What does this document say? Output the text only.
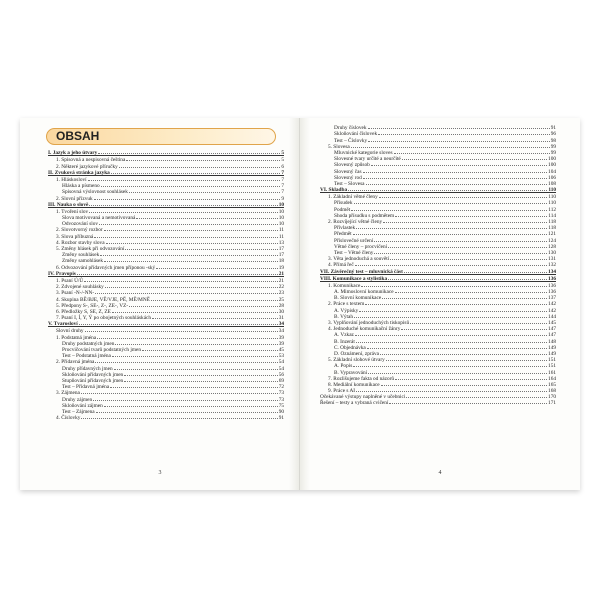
OBSAH
I. Jazyk a jeho útvary	5
1. Spisovná a nespisovná čeština	5
2. Některé jazykové příručky	6
II. Zvuková stránka jazyka	7
1. Hláskosloví	7
Hláska a písmeno	7
Spisovná výslovnost souhlásek	7
2. Slovní přízvuk	9
III. Nauka o slově	10
1. Tvoření slov	10
Slova motivovaná a nemotivovaná	10
Odvozování slov	10
2. Slovotvorný rozbor	11
3. Slova příbuzná	11
4. Rozbor stavby slova	13
5. Změny hlásek při odvozování	17
Změny souhlásek	17
Změny samohlásek	18
6. Odvozování přídavných jmen příponou -ský	19
IV. Pravopis	21
1. Psaní Ú/Ů	21
2. Zdvojené souhlásky	22
3. Psaní -N-/-NN-	23
4. Skupina BĚ/BJE, VĚ/VJE, PĚ, MĚ/MNĚ	25
5. Předpony S-, SE-, Z-, ZE-, VZ-	28
6. Předložky S, SE, Z, ZE	30
7. Psaní I, Í, Y, Ý po obojetných souhláskách	31
V. Tvarosloví	34
Slovní druhy	34
1. Podstatná jména	39
Druhy podstatných jmen	39
Procvičování tvarů podstatných jmen	45
Test – Podstatná jména	53
2. Přídavná jména	54
Druhy přídavných jmen	54
Skloňování přídavných jmen	56
Stupňování přídavných jmen	69
Test – Přídavná jména	72
3. Zájmena	73
Druhy zájmen	73
Skloňování zájmen	75
Test – Zájmena	90
4. Číslovky	91
3
Druhy číslovek	91
Skloňování číslovek	96
Test – Číslovky	98
5. Slovesa	99
Mluvnické kategorie sloves	99
Slovesné tvary určité a neurčité	100
Slovesný způsob	100
Slovesný čas	104
Slovesný rod	106
Test – Slovesa	108
VI. Skladba	110
1. Základní větné členy	110
Přísudek	110
Podmět	112
Shoda přísudku s podmětem	114
2. Rozvíjející větné členy	118
Přívlastek	118
Předmět	121
Příslovečné určení	124
Větné členy – procvičení	128
Test – Větné členy	130
3. Věta jednoduchá a souvětí	131
4. Přímá řeč	132
VII. Závěrečný test – mluvnická část	134
VIII. Komunikace a stylistika	136
1. Komunikace	136
A. Mimoslovní komunikace	136
B. Slovní komunikace	137
2. Práce s textem	142
A. Výpisky	142
B. Výtah	144
3. Vyplňování jednoduchých tiskopisů	145
4. Jednoduché komunikační žánry	147
A. Vzkaz	147
B. Inzerát	148
C. Objednávka	149
D. Oznámení, zpráva	149
5. Základní slohové útvary	151
A. Popis	151
B. Vypravování	161
7. Rozlišujeme fakta od názorů	164
8. Mediální komunikace	165
9. Práce s AI	168
Očekávané výstupy naplněné v učebnici	170
Řešení – testy a vybraná cvičení	171
4
